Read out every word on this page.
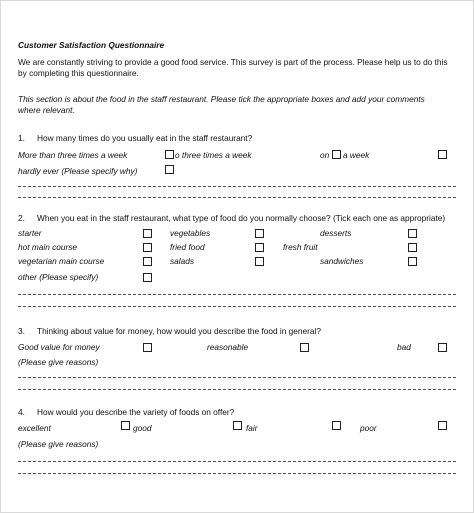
Customer Satisfaction Questionnaire
We are constantly striving to provide a good food service. This survey is part of the process. Please help us to do this
by completing this questionnaire.
This section is about the food in the staff restaurant. Please tick the appropriate boxes and add your comments
where relevant.
1. How many times do you usually eat in the staff restaurant?
More than three times a week	o three times a week	on a week
hardly ever (Please specify why)
2. When you eat in the staff restaurant, what type of food do you normally choose? (Tick each one as appropriate)
starter	vegetables	desserts
hot main course	fried food	fresh fruit
vegetarian main course	salads	sandwiches
other (Please specify)
3. Thinking about value for money, how would you describe the food in general?
Good value for money	reasonable	bad
(Please give reasons)
4. How would you describe the variety of foods on offer?
excellent	good	fair	poor
(Please give reasons)
